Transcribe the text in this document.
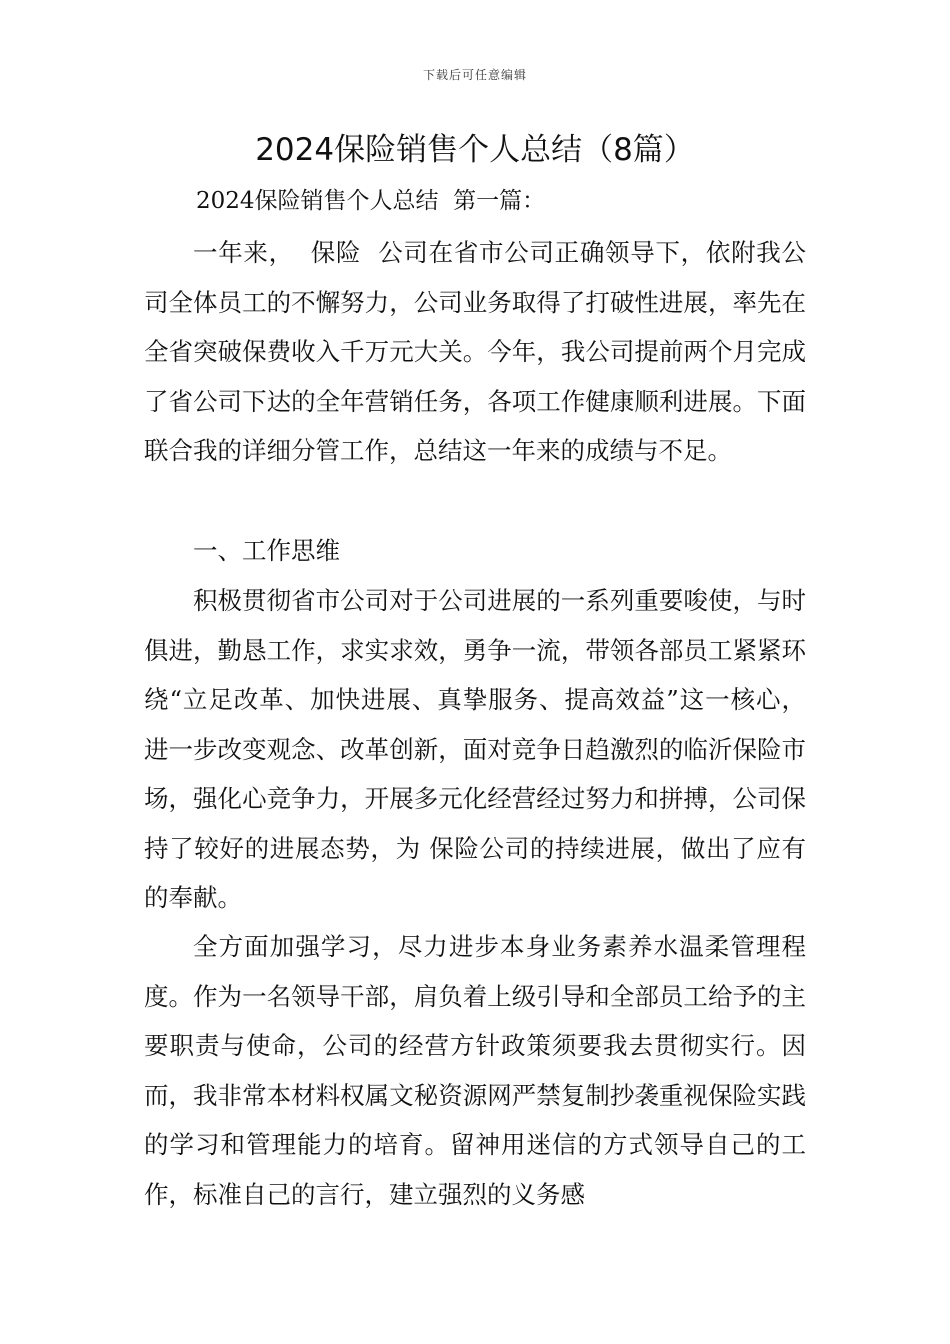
下载后可任意编辑
2024保险销售个人总结（8篇）
2024保险销售个人总结  第一篇：

一年来，  保险  公司在省市公司正确领导下，依附我公司全体员工的不懈努力，公司业务取得了打破性进展，率先在全省突破保费收入千万元大关。今年，我公司提前两个月完成了省公司下达的全年营销任务，各项工作健康顺利进展。下面联合我的详细分管工作，总结这一年来的成绩与不足。

一、工作思维

积极贯彻省市公司对于公司进展的一系列重要唆使，与时俱进，勤恳工作，求实求效，勇争一流，带领各部员工紧紧环绕“立足改革、加快进展、真挚服务、提高效益”这一核心，进一步改变观念、改革创新，面对竞争日趋激烈的临沂保险市场，强化心竞争力，开展多元化经营经过努力和拼搏，公司保持了较好的进展态势，为 保险公司的持续进展，做出了应有的奉献。

全方面加强学习，尽力进步本身业务素养水温柔管理程度。作为一名领导干部，肩负着上级引导和全部员工给予的主要职责与使命，公司的经营方针政策须要我去贯彻实行。因而，我非常本材料权属文秘资源网严禁复制抄袭重视保险实践的学习和管理能力的培育。留神用迷信的方式领导自己的工作，标准自己的言行，建立强烈的义务感
